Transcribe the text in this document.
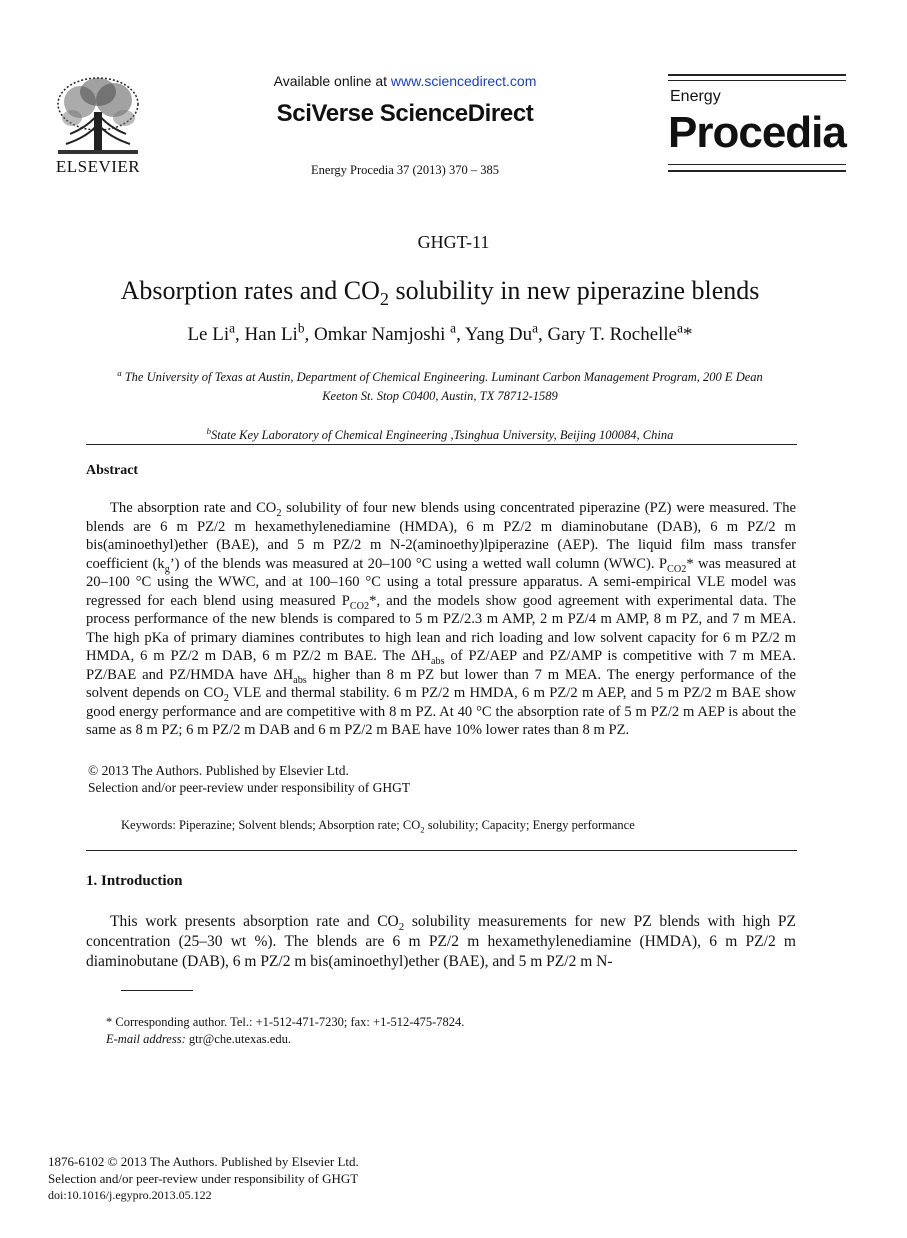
ELSEVIER
Available online at www.sciencedirect.com
SciVerse ScienceDirect
Energy Procedia 37 (2013) 370 – 385
Energy
Procedia
GHGT-11
Absorption rates and $CO_2$ solubility in new piperazine blends
Le Li$^a$, Han Li$^b$, Omkar Namjoshi $^a$, Yang Du$^a$, Gary T. Rochelle$^a$*
$^a$ The University of Texas at Austin, Department of Chemical Engineering. Luminant Carbon Management Program, 200 E Dean
Keeton St. Stop C0400, Austin, TX 78712-1589
$^b$State Key Laboratory of Chemical Engineering ,Tsinghua University, Beijing 100084, China
Abstract

The absorption rate and $CO_2$ solubility of four new blends using concentrated piperazine (PZ) were measured. The blends are 6 m PZ/2 m hexamethylenediamine (HMDA), 6 m PZ/2 m diaminobutane (DAB), 6 m PZ/2 m bis(aminoethyl)ether (BAE), and 5 m PZ/2 m N-2(aminoethy)lpiperazine (AEP). The liquid film mass transfer coefficient $(k_g’)$ of the blends was measured at 20–100 °C using a wetted wall column (WWC). $P_{CO2}*$ was measured at 20–100 °C using the WWC, and at 100–160 °C using a total pressure apparatus. A semi-empirical VLE model was regressed for each blend using measured $P_{CO2}*$, and the models show good agreement with experimental data. The process performance of the new blends is compared to 5 m PZ/2.3 m AMP, 2 m PZ/4 m AMP, 8 m PZ, and 7 m MEA. The high pKa of primary diamines contributes to high lean and rich loading and low solvent capacity for 6 m PZ/2 m HMDA, 6 m PZ/2 m DAB, 6 m PZ/2 m BAE. The $\Delta H_{abs}$ of PZ/AEP and PZ/AMP is competitive with 7 m MEA. PZ/BAE and PZ/HMDA have $\Delta H_{abs}$ higher than 8 m PZ but lower than 7 m MEA. The energy performance of the solvent depends on $CO_2$ VLE and thermal stability. 6 m PZ/2 m HMDA, 6 m PZ/2 m AEP, and 5 m PZ/2 m BAE show good energy performance and are competitive with 8 m PZ. At 40 °C the absorption rate of 5 m PZ/2 m AEP is about the same as 8 m PZ; 6 m PZ/2 m DAB and 6 m PZ/2 m BAE have 10% lower rates than 8 m PZ.

© 2013 The Authors. Published by Elsevier Ltd.
Selection and/or peer-review under responsibility of GHGT
Keywords: Piperazine; Solvent blends; Absorption rate; $CO_2$ solubility; Capacity; Energy performance
1. Introduction

This work presents absorption rate and $CO_2$ solubility measurements for new PZ blends with high PZ concentration (25–30 wt %). The blends are 6 m PZ/2 m hexamethylenediamine (HMDA), 6 m PZ/2 m diaminobutane (DAB), 6 m PZ/2 m bis(aminoethyl)ether (BAE), and 5 m PZ/2 m N-

* Corresponding author. Tel.: +1-512-471-7230; fax: +1-512-475-7824.
E-mail address: gtr@che.utexas.edu.
1876-6102 © 2013 The Authors. Published by Elsevier Ltd.
Selection and/or peer-review under responsibility of GHGT
doi:10.1016/j.egypro.2013.05.122
